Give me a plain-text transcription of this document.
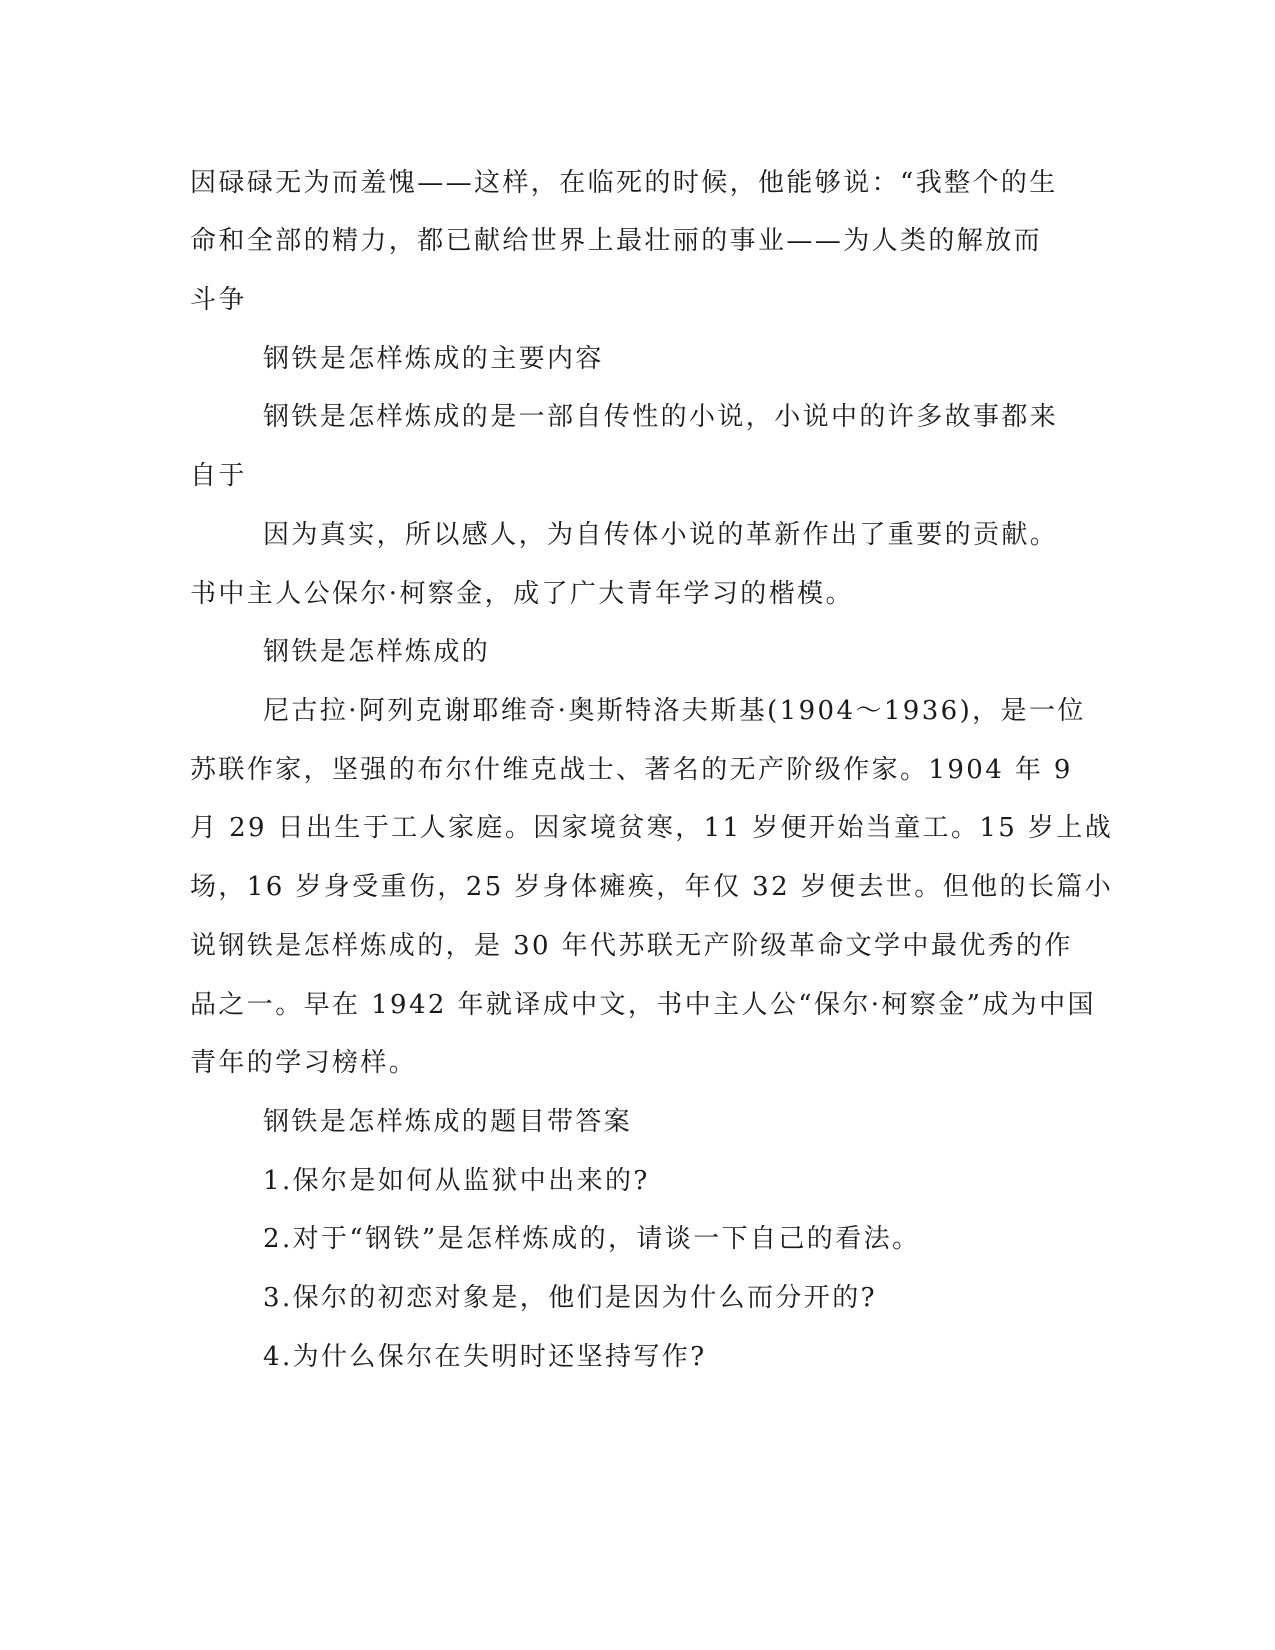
因碌碌无为而羞愧——这样，在临死的时候，他能够说：“我整个的生
命和全部的精力，都已献给世界上最壮丽的事业——为人类的解放而
斗争
钢铁是怎样炼成的主要内容
钢铁是怎样炼成的是一部自传性的小说，小说中的许多故事都来
自于
因为真实，所以感人，为自传体小说的革新作出了重要的贡献。
书中主人公保尔·柯察金，成了广大青年学习的楷模。
钢铁是怎样炼成的
尼古拉·阿列克谢耶维奇·奥斯特洛夫斯基(1904～1936)，是一位
苏联作家，坚强的布尔什维克战士、著名的无产阶级作家。1904 年 9
月 29 日出生于工人家庭。因家境贫寒，11 岁便开始当童工。15 岁上战
场，16 岁身受重伤，25 岁身体瘫痪，年仅 32 岁便去世。但他的长篇小
说钢铁是怎样炼成的，是 30 年代苏联无产阶级革命文学中最优秀的作
品之一。早在 1942 年就译成中文，书中主人公“保尔·柯察金”成为中国
青年的学习榜样。
钢铁是怎样炼成的题目带答案
1.保尔是如何从监狱中出来的?
2.对于“钢铁”是怎样炼成的，请谈一下自己的看法。
3.保尔的初恋对象是，他们是因为什么而分开的?
4.为什么保尔在失明时还坚持写作?
